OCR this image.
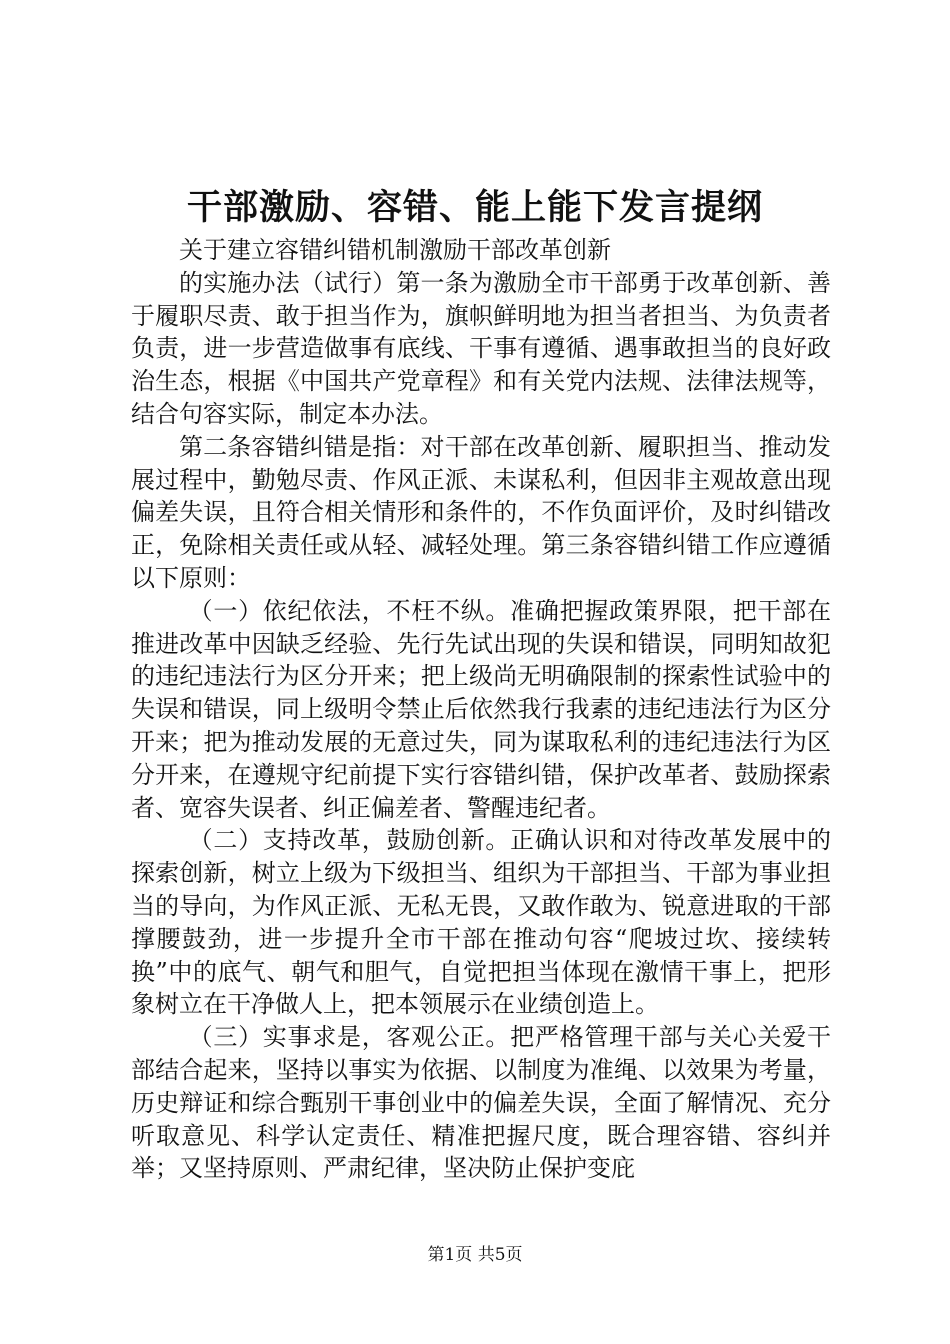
干部激励、容错、能上能下发言提纲

关于建立容错纠错机制激励干部改革创新

的实施办法（试行）第一条为激励全市干部勇于改革创新、善于履职尽责、敢于担当作为，旗帜鲜明地为担当者担当、为负责者负责，进一步营造做事有底线、干事有遵循、遇事敢担当的良好政治生态，根据《中国共产党章程》和有关党内法规、法律法规等，结合句容实际，制定本办法。

第二条容错纠错是指：对干部在改革创新、履职担当、推动发展过程中，勤勉尽责、作风正派、未谋私利，但因非主观故意出现偏差失误，且符合相关情形和条件的，不作负面评价，及时纠错改正，免除相关责任或从轻、减轻处理。第三条容错纠错工作应遵循以下原则：

（一）依纪依法，不枉不纵。准确把握政策界限，把干部在推进改革中因缺乏经验、先行先试出现的失误和错误，同明知故犯的违纪违法行为区分开来；把上级尚无明确限制的探索性试验中的失误和错误，同上级明令禁止后依然我行我素的违纪违法行为区分开来；把为推动发展的无意过失，同为谋取私利的违纪违法行为区分开来，在遵规守纪前提下实行容错纠错，保护改革者、鼓励探索者、宽容失误者、纠正偏差者、警醒违纪者。

（二）支持改革，鼓励创新。正确认识和对待改革发展中的探索创新，树立上级为下级担当、组织为干部担当、干部为事业担当的导向，为作风正派、无私无畏，又敢作敢为、锐意进取的干部撑腰鼓劲，进一步提升全市干部在推动句容“爬坡过坎、接续转换”中的底气、朝气和胆气，自觉把担当体现在激情干事上，把形象树立在干净做人上，把本领展示在业绩创造上。

（三）实事求是，客观公正。把严格管理干部与关心关爱干部结合起来，坚持以事实为依据、以制度为准绳、以效果为考量，历史辩证和综合甄别干事创业中的偏差失误，全面了解情况、充分听取意见、科学认定责任、精准把握尺度，既合理容错、容纠并举；又坚持原则、严肃纪律，坚决防止保护变庇

第1页 共5页
